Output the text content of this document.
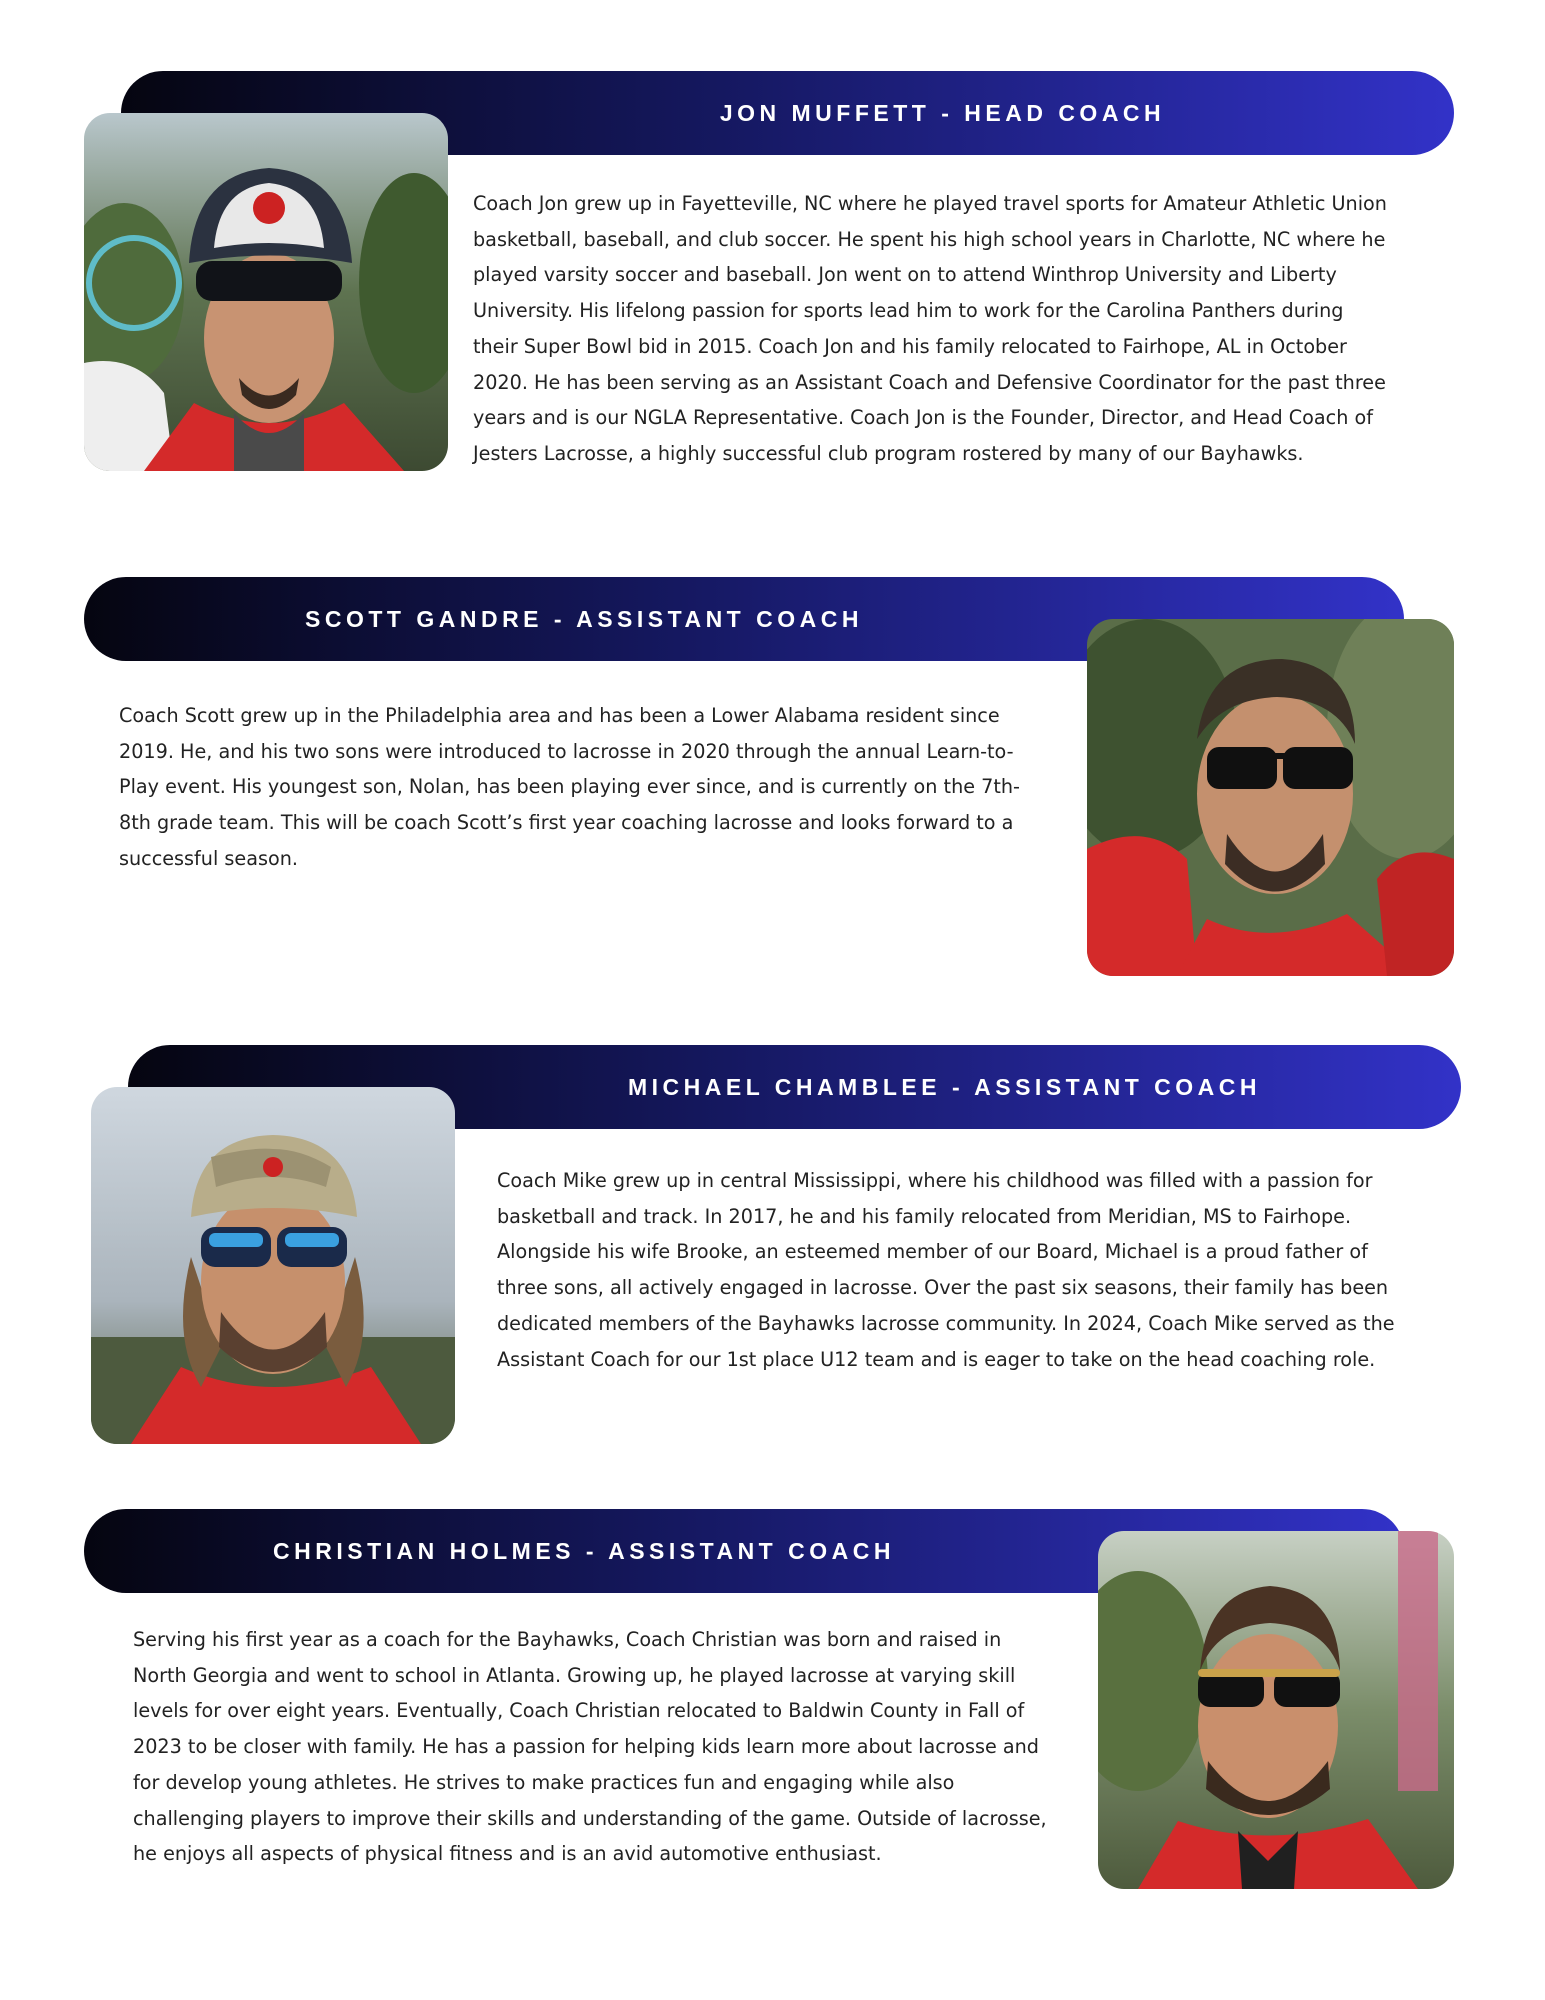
JON MUFFETT - HEAD COACH

Coach Jon grew up in Fayetteville, NC where he played travel sports for Amateur Athletic Union basketball, baseball, and club soccer. He spent his high school years in Charlotte, NC where he played varsity soccer and baseball. Jon went on to attend Winthrop University and Liberty University. His lifelong passion for sports lead him to work for the Carolina Panthers during their Super Bowl bid in 2015. Coach Jon and his family relocated to Fairhope, AL in October 2020. He has been serving as an Assistant Coach and Defensive Coordinator for the past three years and is our NGLA Representative. Coach Jon is the Founder, Director, and Head Coach of Jesters Lacrosse, a highly successful club program rostered by many of our Bayhawks.

SCOTT GANDRE - ASSISTANT COACH

Coach Scott grew up in the Philadelphia area and has been a Lower Alabama resident since 2019. He, and his two sons were introduced to lacrosse in 2020 through the annual Learn-to-Play event. His youngest son, Nolan, has been playing ever since, and is currently on the 7th-8th grade team. This will be coach Scott’s first year coaching lacrosse and looks forward to a successful season.

MICHAEL CHAMBLEE - ASSISTANT COACH

Coach Mike grew up in central Mississippi, where his childhood was filled with a passion for basketball and track. In 2017, he and his family relocated from Meridian, MS to Fairhope. Alongside his wife Brooke, an esteemed member of our Board, Michael is a proud father of three sons, all actively engaged in lacrosse. Over the past six seasons, their family has been dedicated members of the Bayhawks lacrosse community. In 2024, Coach Mike served as the Assistant Coach for our 1st place U12 team and is eager to take on the head coaching role.

CHRISTIAN HOLMES - ASSISTANT COACH

Serving his first year as a coach for the Bayhawks, Coach Christian was born and raised in North Georgia and went to school in Atlanta. Growing up, he played lacrosse at varying skill levels for over eight years. Eventually, Coach Christian relocated to Baldwin County in Fall of 2023 to be closer with family. He has a passion for helping kids learn more about lacrosse and for develop young athletes. He strives to make practices fun and engaging while also challenging players to improve their skills and understanding of the game. Outside of lacrosse, he enjoys all aspects of physical fitness and is an avid automotive enthusiast.
